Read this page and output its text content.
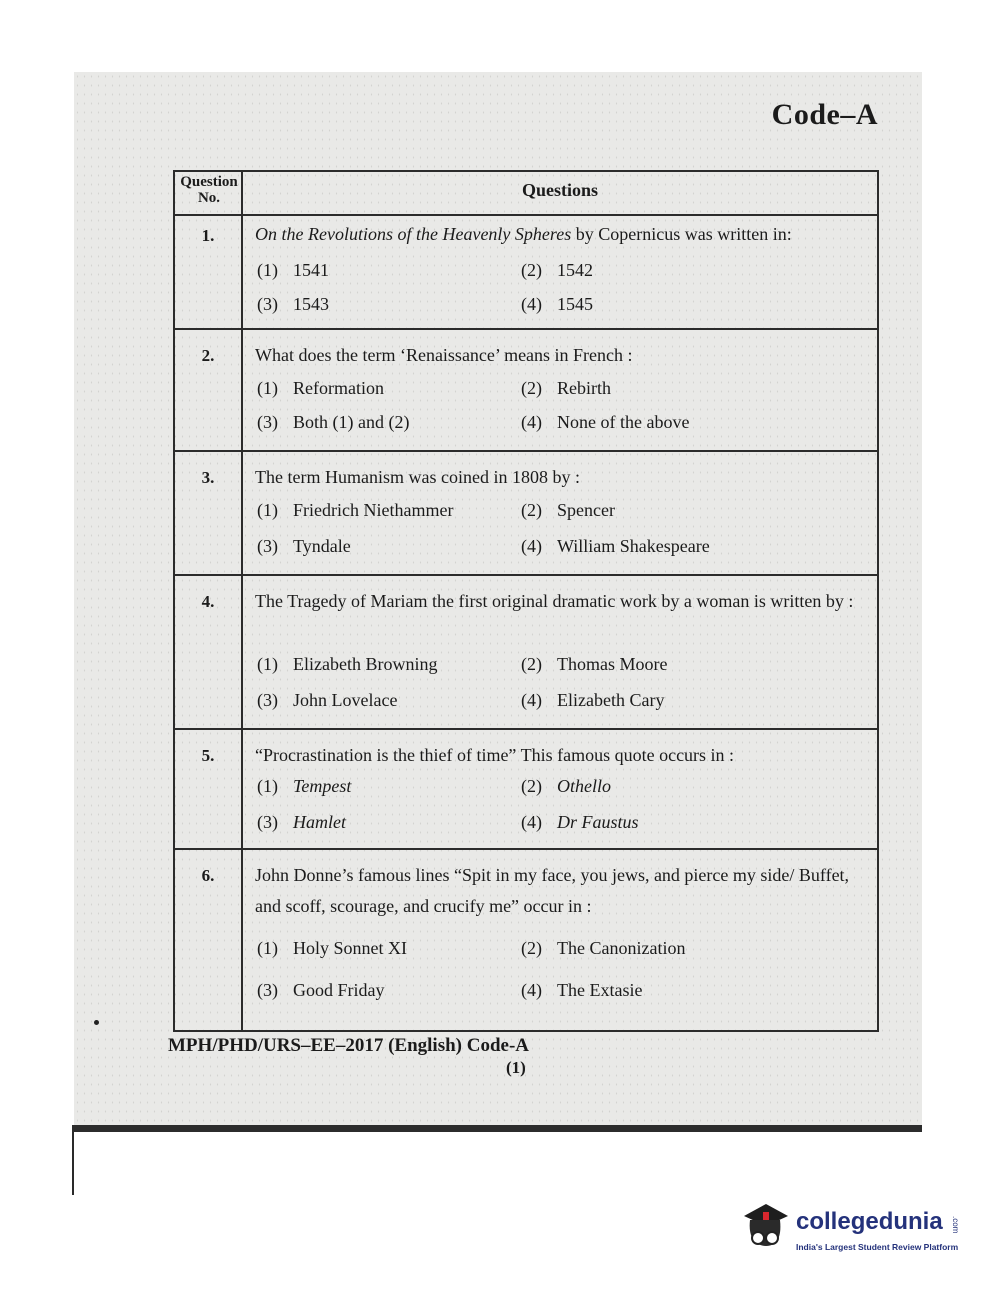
Code–A
Question No.	Questions
1.	On the Revolutions of the Heavenly Spheres by Copernicus was written in:
(1) 1541	(2) 1542
(3) 1543	(4) 1545
2.	What does the term ‘Renaissance’ means in French :
(1) Reformation	(2) Rebirth
(3) Both (1) and (2)	(4) None of the above
3.	The term Humanism was coined in 1808 by :
(1) Friedrich Niethammer	(2) Spencer
(3) Tyndale	(4) William Shakespeare
4.	The Tragedy of Mariam the first original dramatic work by a woman is written by :
(1) Elizabeth Browning	(2) Thomas Moore
(3) John Lovelace	(4) Elizabeth Cary
5.	“Procrastination is the thief of time” This famous quote occurs in :
(1) Tempest	(2) Othello
(3) Hamlet	(4) Dr Faustus
6.	John Donne’s famous lines “Spit in my face, you jews, and pierce my side/ Buffet, and scoff, scourage, and crucify me” occur in :
(1) Holy Sonnet XI	(2) The Canonization
(3) Good Friday	(4) The Extasie
MPH/PHD/URS–EE–2017 (English) Code-A
(1)
collegedunia .com
India's Largest Student Review Platform
